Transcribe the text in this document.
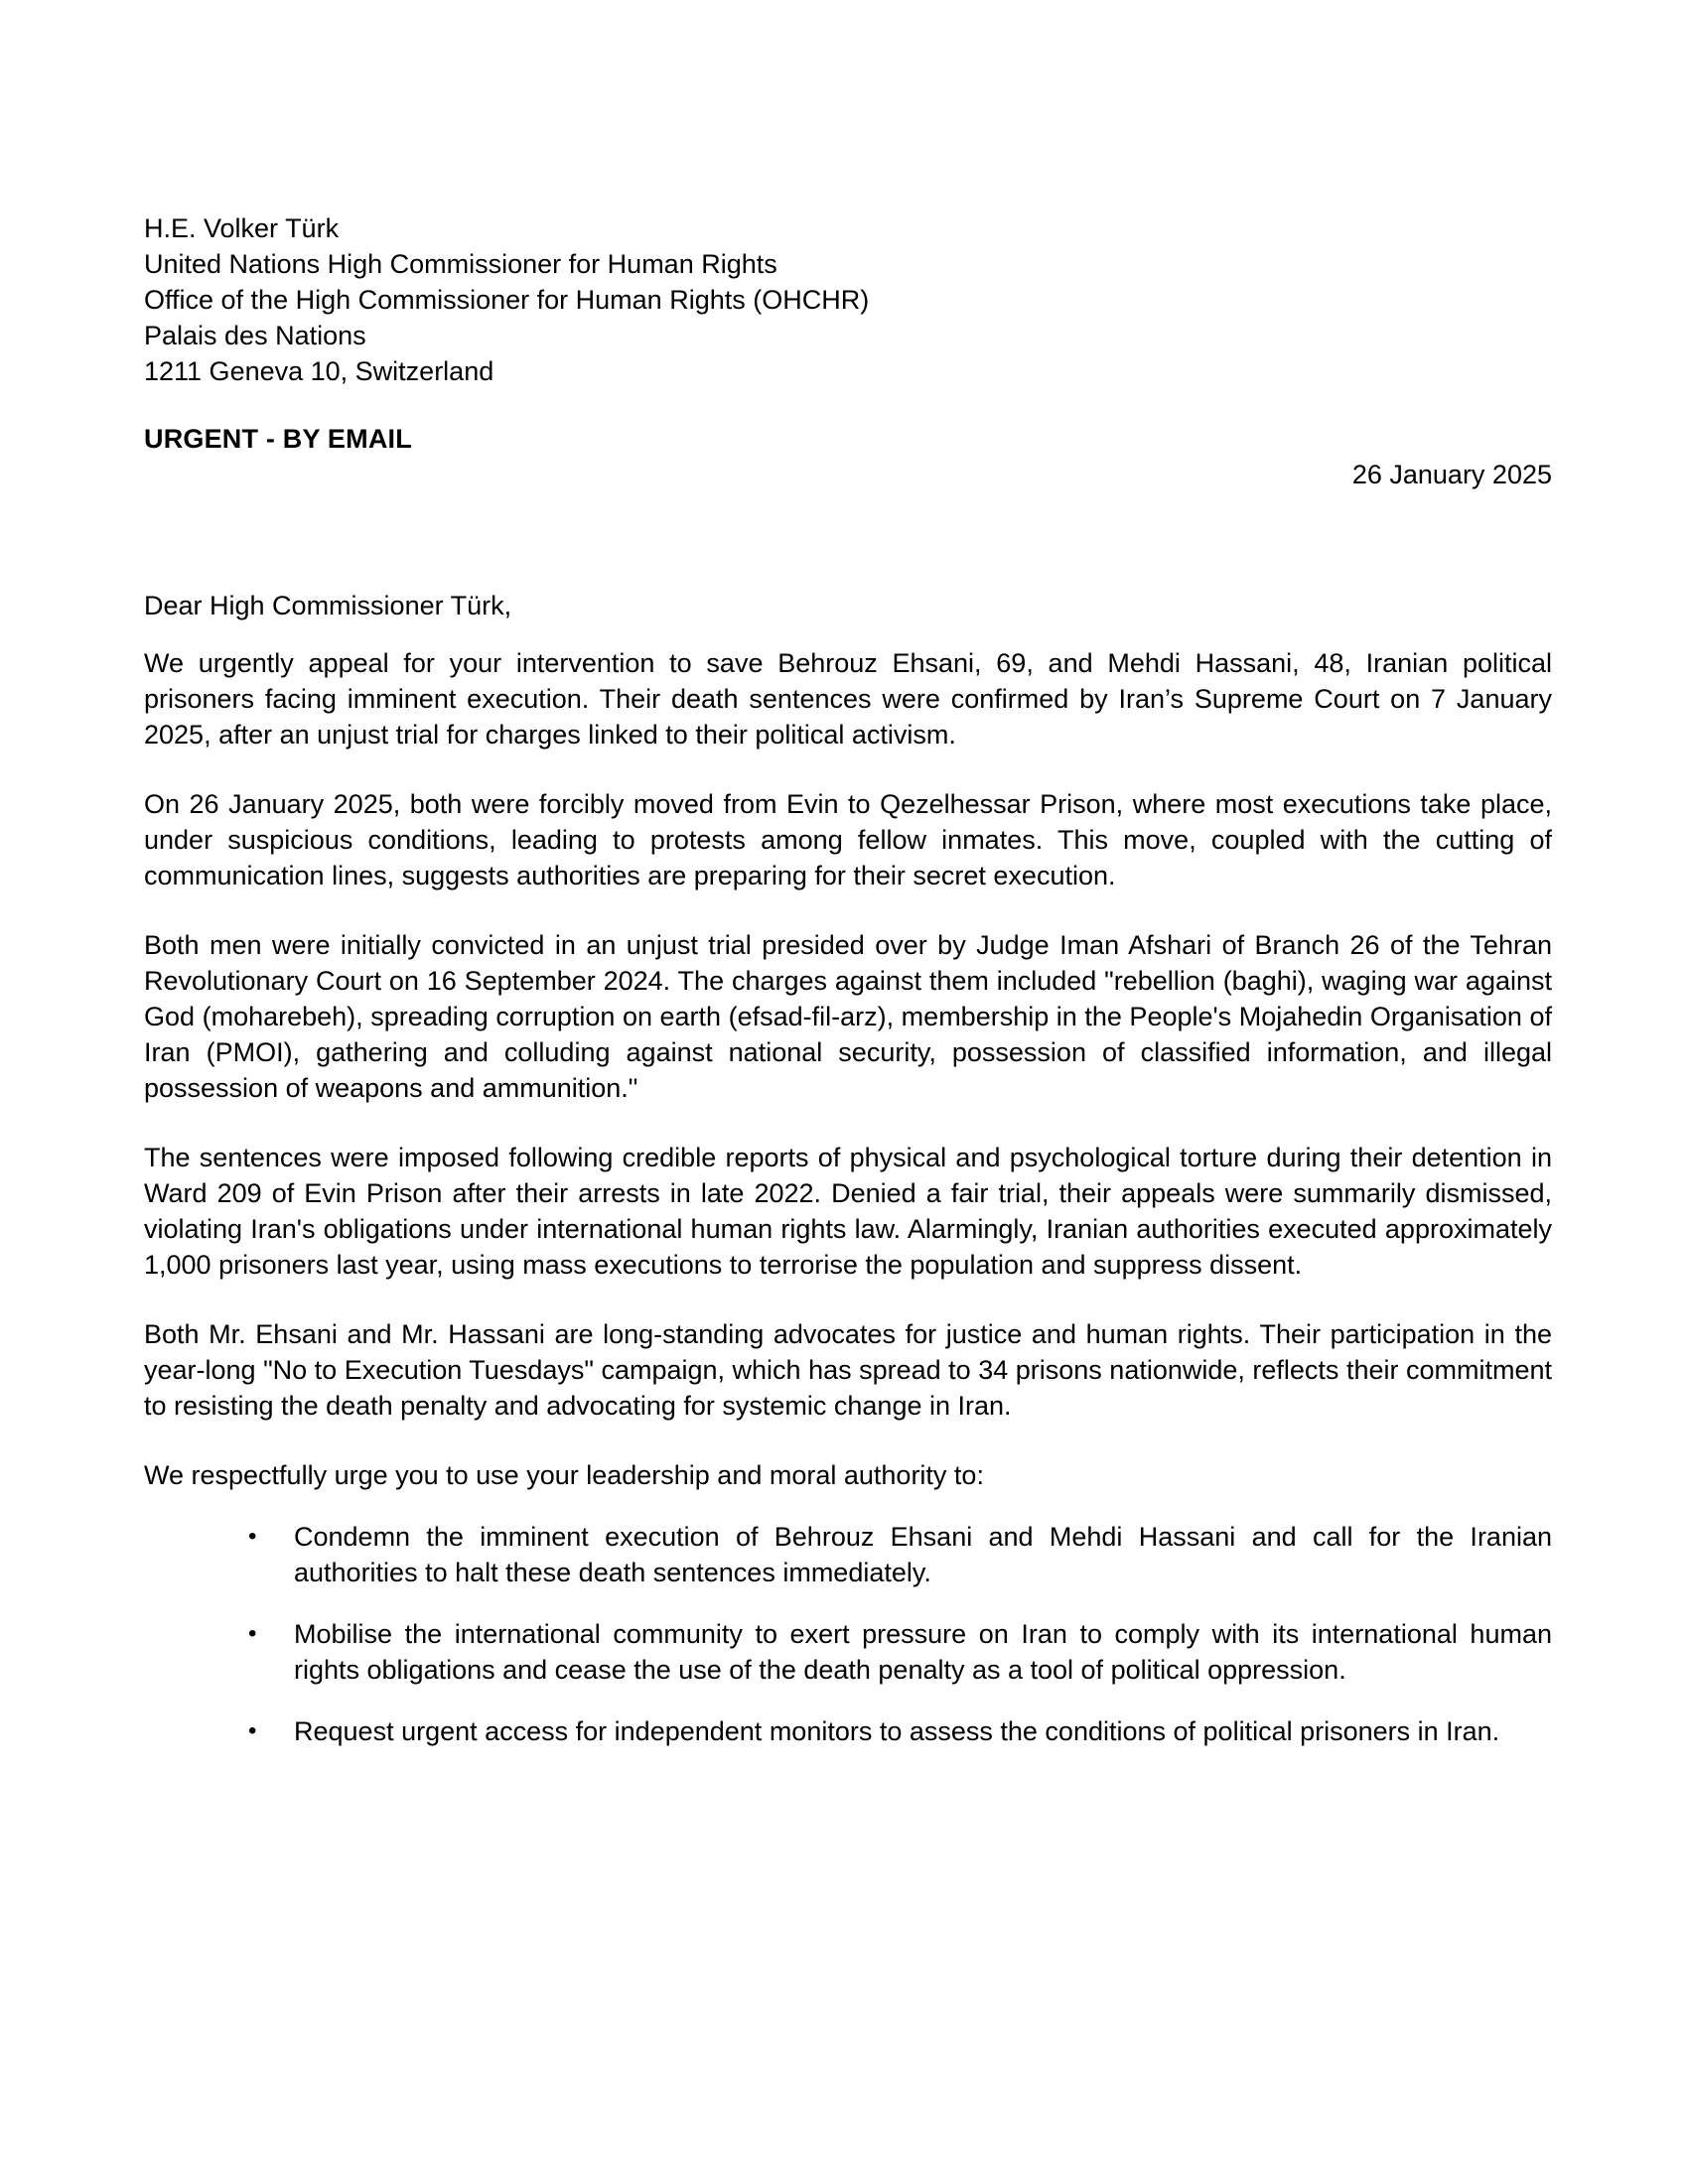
H.E. Volker Türk
United Nations High Commissioner for Human Rights
Office of the High Commissioner for Human Rights (OHCHR)
Palais des Nations
1211 Geneva 10, Switzerland
URGENT - BY EMAIL
26 January 2025
Dear High Commissioner Türk,

We urgently appeal for your intervention to save Behrouz Ehsani, 69, and Mehdi Hassani, 48, Iranian political prisoners facing imminent execution. Their death sentences were confirmed by Iran’s Supreme Court on 7 January 2025, after an unjust trial for charges linked to their political activism.

On 26 January 2025, both were forcibly moved from Evin to Qezelhessar Prison, where most executions take place, under suspicious conditions, leading to protests among fellow inmates. This move, coupled with the cutting of communication lines, suggests authorities are preparing for their secret execution.

Both men were initially convicted in an unjust trial presided over by Judge Iman Afshari of Branch 26 of the Tehran Revolutionary Court on 16 September 2024. The charges against them included "rebellion (baghi), waging war against God (moharebeh), spreading corruption on earth (efsad-fil-arz), membership in the People's Mojahedin Organisation of Iran (PMOI), gathering and colluding against national security, possession of classified information, and illegal possession of weapons and ammunition."

The sentences were imposed following credible reports of physical and psychological torture during their detention in Ward 209 of Evin Prison after their arrests in late 2022. Denied a fair trial, their appeals were summarily dismissed, violating Iran's obligations under international human rights law. Alarmingly, Iranian authorities executed approximately 1,000 prisoners last year, using mass executions to terrorise the population and suppress dissent.

Both Mr. Ehsani and Mr. Hassani are long-standing advocates for justice and human rights. Their participation in the year-long "No to Execution Tuesdays" campaign, which has spread to 34 prisons nationwide, reflects their commitment to resisting the death penalty and advocating for systemic change in Iran.

We respectfully urge you to use your leadership and moral authority to:

•	Condemn the imminent execution of Behrouz Ehsani and Mehdi Hassani and call for the Iranian authorities to halt these death sentences immediately.
•	Mobilise the international community to exert pressure on Iran to comply with its international human rights obligations and cease the use of the death penalty as a tool of political oppression.
•	Request urgent access for independent monitors to assess the conditions of political prisoners in Iran.
